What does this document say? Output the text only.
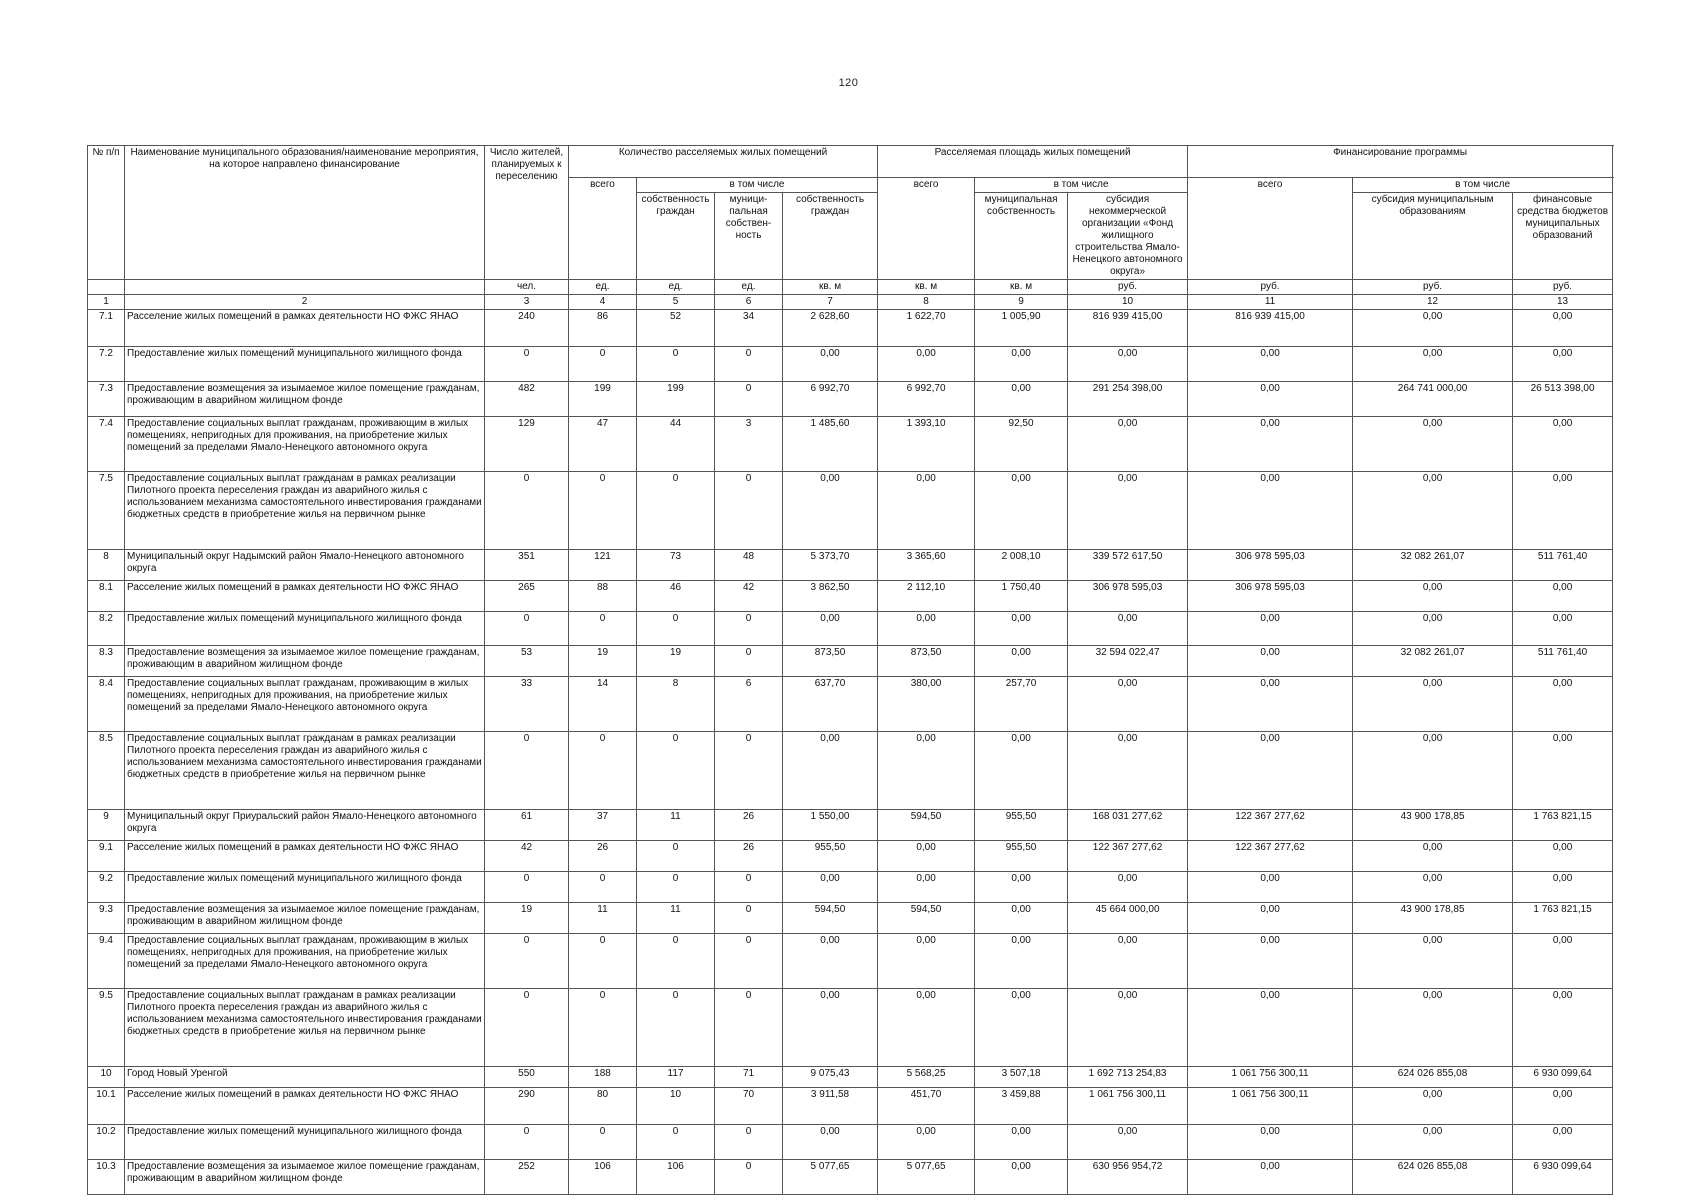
120
№ п/п	Наименование муниципального образования/наименование мероприятия, на которое направлено финансирование	Число жителей, планируемых к переселению	Количество расселяемых жилых помещений				Расселяемая площадь жилых помещений			Финансирование программы		
			всего	в том числе			всего	в том числе		всего	в том числе	
				собственность граждан	муници-пальная собствен-ность	собственность граждан		муниципальная собственность	субсидия некоммерческой организации «Фонд жилищного строительства Ямало-Ненецкого автономного округа»		субсидия муниципальным образованиям	финансовые средства бюджетов муниципальных образований
		чел.	ед.	ед.	ед.	кв. м	кв. м	кв. м	руб.	руб.	руб.	руб.
1	2	3	4	5	6	7	8	9	10	11	12	13
7.1	Расселение жилых помещений в рамках деятельности НО ФЖС ЯНАО	240	86	52	34	2 628,60	1 622,70	1 005,90	816 939 415,00	816 939 415,00	0,00	0,00
7.2	Предоставление жилых помещений муниципального жилищного фонда	0	0	0	0	0,00	0,00	0,00	0,00	0,00	0,00	0,00
7.3	Предоставление возмещения за изымаемое жилое помещение гражданам, проживающим в аварийном жилищном фонде	482	199	199	0	6 992,70	6 992,70	0,00	291 254 398,00	0,00	264 741 000,00	26 513 398,00
7.4	Предоставление социальных выплат гражданам, проживающим в жилых помещениях, непригодных для проживания, на приобретение жилых помещений за пределами Ямало-Ненецкого автономного округа	129	47	44	3	1 485,60	1 393,10	92,50	0,00	0,00	0,00	0,00
7.5	Предоставление социальных выплат гражданам в рамках реализации Пилотного проекта переселения граждан из аварийного жилья с использованием механизма самостоятельного инвестирования гражданами бюджетных средств в приобретение жилья на первичном рынке	0	0	0	0	0,00	0,00	0,00	0,00	0,00	0,00	0,00
8	Муниципальный округ Надымский район Ямало-Ненецкого автономного округа	351	121	73	48	5 373,70	3 365,60	2 008,10	339 572 617,50	306 978 595,03	32 082 261,07	511 761,40
8.1	Расселение жилых помещений в рамках деятельности НО ФЖС ЯНАО	265	88	46	42	3 862,50	2 112,10	1 750,40	306 978 595,03	306 978 595,03	0,00	0,00
8.2	Предоставление жилых помещений муниципального жилищного фонда	0	0	0	0	0,00	0,00	0,00	0,00	0,00	0,00	0,00
8.3	Предоставление возмещения за изымаемое жилое помещение гражданам, проживающим в аварийном жилищном фонде	53	19	19	0	873,50	873,50	0,00	32 594 022,47	0,00	32 082 261,07	511 761,40
8.4	Предоставление социальных выплат гражданам, проживающим в жилых помещениях, непригодных для проживания, на приобретение жилых помещений за пределами Ямало-Ненецкого автономного округа	33	14	8	6	637,70	380,00	257,70	0,00	0,00	0,00	0,00
8.5	Предоставление социальных выплат гражданам в рамках реализации Пилотного проекта переселения граждан из аварийного жилья с использованием механизма самостоятельного инвестирования гражданами бюджетных средств в приобретение жилья на первичном рынке	0	0	0	0	0,00	0,00	0,00	0,00	0,00	0,00	0,00
9	Муниципальный округ Приуральский район Ямало-Ненецкого автономного округа	61	37	11	26	1 550,00	594,50	955,50	168 031 277,62	122 367 277,62	43 900 178,85	1 763 821,15
9.1	Расселение жилых помещений в рамках деятельности НО ФЖС ЯНАО	42	26	0	26	955,50	0,00	955,50	122 367 277,62	122 367 277,62	0,00	0,00
9.2	Предоставление жилых помещений муниципального жилищного фонда	0	0	0	0	0,00	0,00	0,00	0,00	0,00	0,00	0,00
9.3	Предоставление возмещения за изымаемое жилое помещение гражданам, проживающим в аварийном жилищном фонде	19	11	11	0	594,50	594,50	0,00	45 664 000,00	0,00	43 900 178,85	1 763 821,15
9.4	Предоставление социальных выплат гражданам, проживающим в жилых помещениях, непригодных для проживания, на приобретение жилых помещений за пределами Ямало-Ненецкого автономного округа	0	0	0	0	0,00	0,00	0,00	0,00	0,00	0,00	0,00
9.5	Предоставление социальных выплат гражданам в рамках реализации Пилотного проекта переселения граждан из аварийного жилья с использованием механизма самостоятельного инвестирования гражданами бюджетных средств в приобретение жилья на первичном рынке	0	0	0	0	0,00	0,00	0,00	0,00	0,00	0,00	0,00
10	Город Новый Уренгой	550	188	117	71	9 075,43	5 568,25	3 507,18	1 692 713 254,83	1 061 756 300,11	624 026 855,08	6 930 099,64
10.1	Расселение жилых помещений в рамках деятельности НО ФЖС ЯНАО	290	80	10	70	3 911,58	451,70	3 459,88	1 061 756 300,11	1 061 756 300,11	0,00	0,00
10.2	Предоставление жилых помещений муниципального жилищного фонда	0	0	0	0	0,00	0,00	0,00	0,00	0,00	0,00	0,00
10.3	Предоставление возмещения за изымаемое жилое помещение гражданам, проживающим в аварийном жилищном фонде	252	106	106	0	5 077,65	5 077,65	0,00	630 956 954,72	0,00	624 026 855,08	6 930 099,64
